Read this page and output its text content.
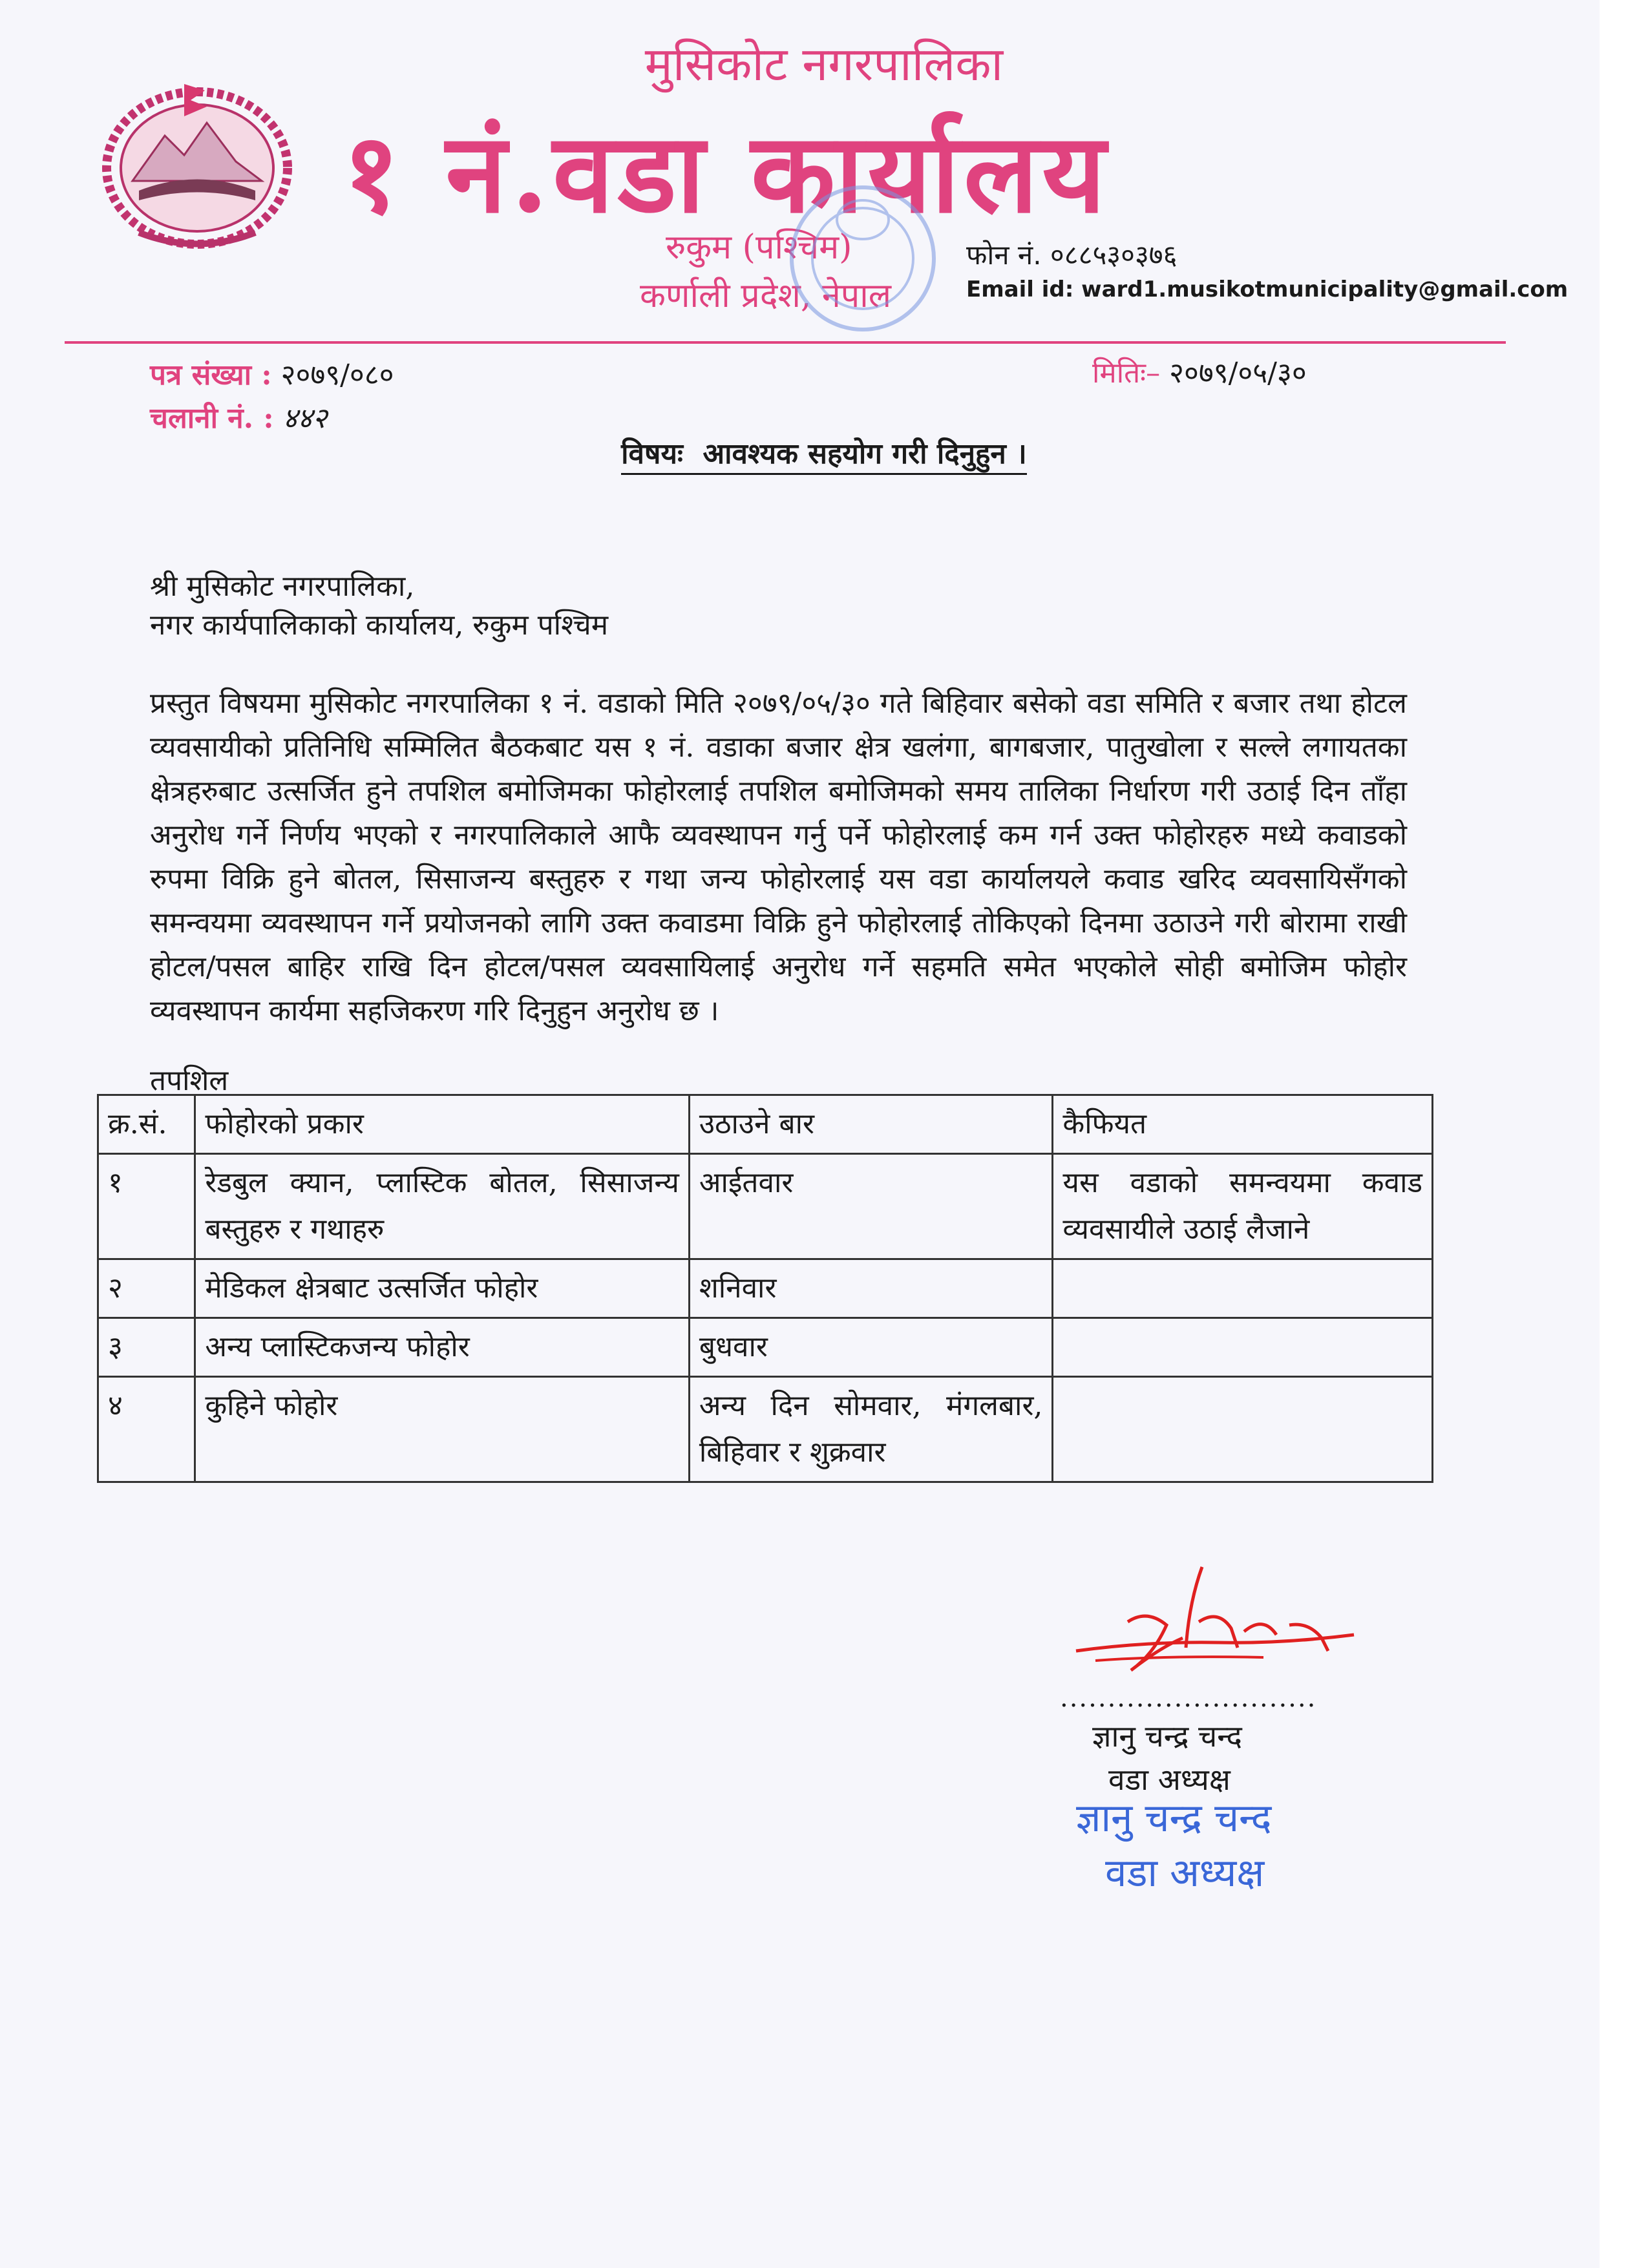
मुसिकोट नगरपालिका
१ नं.वडा कार्यालय
रुकुम (पश्चिम)
कर्णाली प्रदेश, नेपाल
फोन नं. ०८८५३०३७६
Email id: ward1.musikotmunicipality@gmail.com
पत्र संख्या : २०७९/०८०
चलानी नं. : ४४२
मितिः– २०७९/०५/३०
विषयः आवश्यक सहयोग गरी दिनुहुन ।
श्री मुसिकोट नगरपालिका,
नगर कार्यपालिकाको कार्यालय, रुकुम पश्चिम
प्रस्तुत विषयमा मुसिकोट नगरपालिका १ नं. वडाको मिति २०७९/०५/३० गते बिहिवार बसेको वडा समिति र बजार तथा होटल व्यवसायीको प्रतिनिधि सम्मिलित बैठकबाट यस १ नं. वडाका बजार क्षेत्र खलंगा, बागबजार, पातुखोला र सल्ले लगायतका क्षेत्रहरुबाट उत्सर्जित हुने तपशिल बमोजिमका फोहोरलाई तपशिल बमोजिमको समय तालिका निर्धारण गरी उठाई दिन ताँहा अनुरोध गर्ने निर्णय भएको र नगरपालिकाले आफै व्यवस्थापन गर्नु पर्ने फोहोरलाई कम गर्न उक्त फोहोरहरु मध्ये कवाडको रुपमा विक्रि हुने बोतल, सिसाजन्य बस्तुहरु र गथा जन्य फोहोरलाई यस वडा कार्यालयले कवाड खरिद व्यवसायिसँगको समन्वयमा व्यवस्थापन गर्ने प्रयोजनको लागि उक्त कवाडमा विक्रि हुने फोहोरलाई तोकिएको दिनमा उठाउने गरी बोरामा राखी होटल/पसल बाहिर राखि दिन होटल/पसल व्यवसायिलाई अनुरोध गर्ने सहमति समेत भएकोले सोही बमोजिम फोहोर व्यवस्थापन कार्यमा सहजिकरण गरि दिनुहुन अनुरोध छ ।
तपशिल
क्र.सं.	फोहोरको प्रकार	उठाउने बार	कैफियत
१	रेडबुल क्यान, प्लास्टिक बोतल, सिसाजन्य बस्तुहरु र गथाहरु	आईतवार	यस वडाको समन्वयमा कवाड व्यवसायीले उठाई लैजाने
२	मेडिकल क्षेत्रबाट उत्सर्जित फोहोर	शनिवार	
३	अन्य प्लास्टिकजन्य फोहोर	बुधवार	
४	कुहिने फोहोर	अन्य दिन सोमवार, मंगलबार, बिहिवार र शुक्रवार	
...........................
ज्ञानु चन्द्र चन्द
वडा अध्यक्ष
ज्ञानु चन्द्र चन्द
वडा अध्यक्ष
